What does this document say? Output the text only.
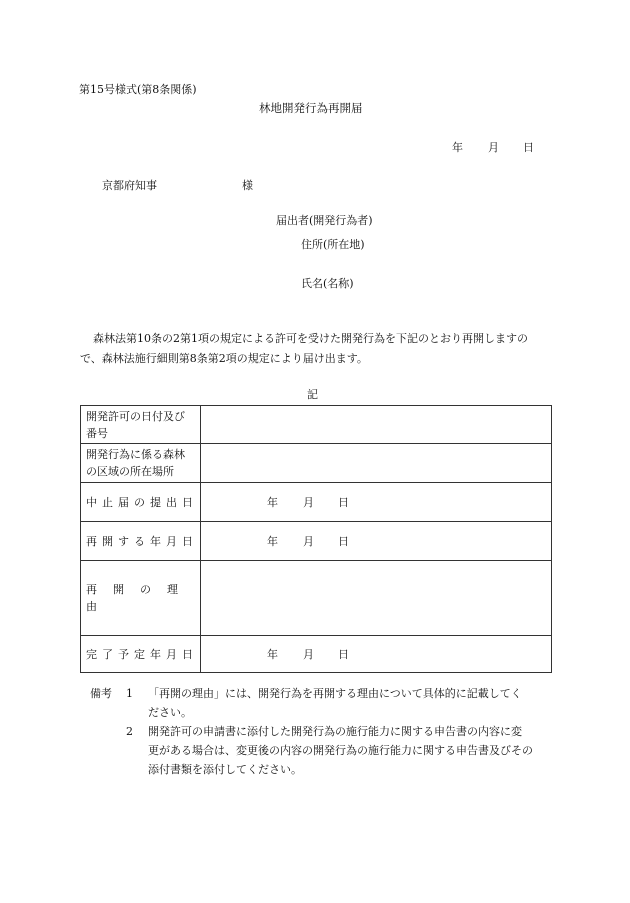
第15号様式(第8条関係)
林地開発行為再開届
年 月 日
京都府知事	様
届出者(開発行為者)
住所(所在地)
氏名(名称)
森林法第10条の2第1項の規定による許可を受けた開発行為を下記のとおり再開しますの
で、森林法施行細則第8条第2項の規定により届け出ます。
記
開発許可の日付及び
番号	

開発行為に係る森林
の区域の所在場所	

中止届の提出日	年 月 日

再開する年月日	年 月 日

再開の理由	
完了予定年月日	年 月 日
備考	1	「再開の理由」には、開発行為を再開する理由について具体的に記載してく
ださい。
2	開発許可の申請書に添付した開発行為の施行能力に関する申告書の内容に変
更がある場合は、変更後の内容の開発行為の施行能力に関する申告書及びその
添付書類を添付してください。
